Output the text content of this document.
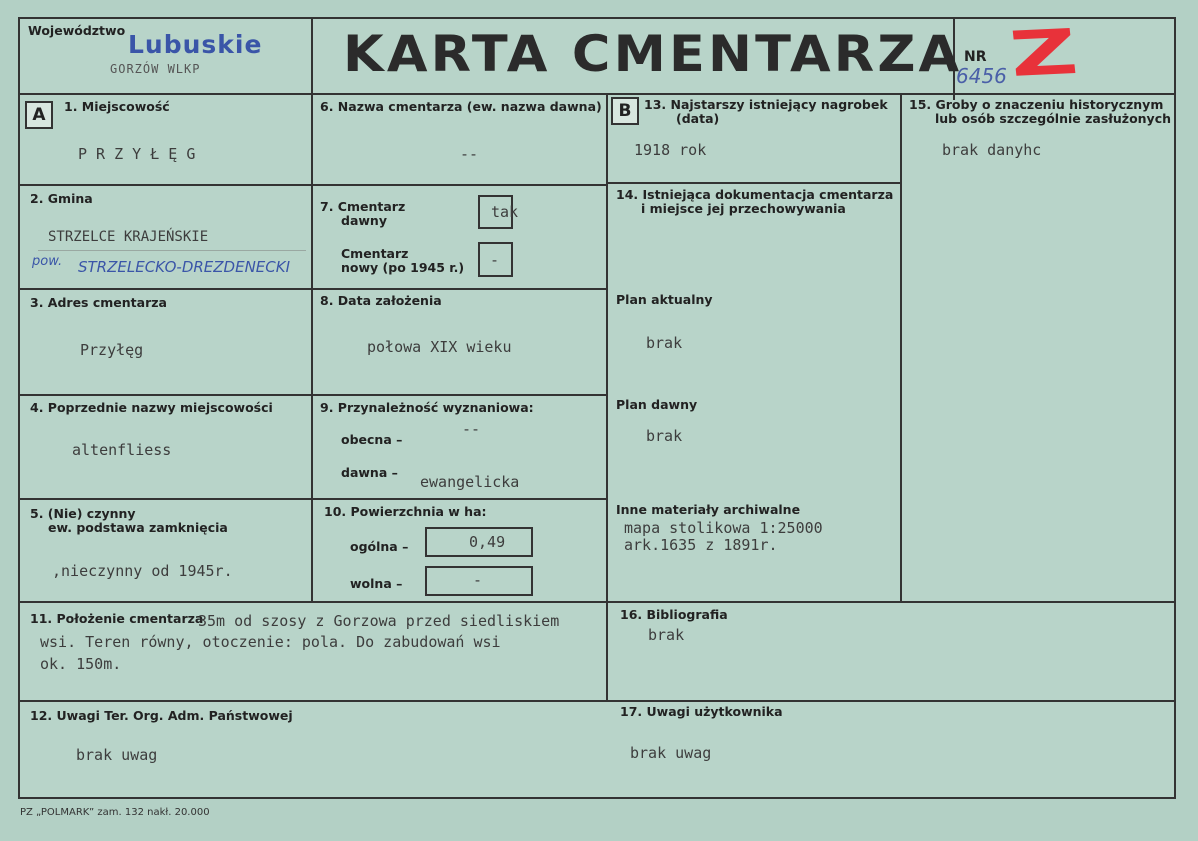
Województwo Lubuskie
GORZÓW WLKP	KARTA CMENTARZA NR
6456 Z
A	B
1. Miejscowość
P R Z Y Ł Ę G
2. Gmina
STRZELCE KRAJEŃSKIE
pow. STRZELECKO-DREZDENECKI
3. Adres cmentarza
Przyłęg
4. Poprzednie nazwy miejscowości
altenfliess
5. (Nie) czynny
ew. podstawa zamknięcia
,nieczynny od 1945r.
6. Nazwa cmentarza (ew. nazwa dawna)
--
7. Cmentarz
dawny	tak
Cmentarz
nowy (po 1945 r.) -
8. Data założenia
połowa XIX wieku
9. Przynależność wyznaniowa:
obecna –
--
dawna –
ewangelicka
10. Powierzchnia w ha:
ogólna –	0,49
wolna –	-
13. Najstarszy istniejący nagrobek
(data)
1918 rok
14. Istniejąca dokumentacja cmentarza
i miejsce jej przechowywania
Plan aktualny
brak
Plan dawny
brak
Inne materiały archiwalne
mapa stolikowa 1:25000
ark.1635 z 1891r.
15. Groby o znaczeniu historycznym
lub osób szczególnie zasłużonych
brak danyhc
11. Położenie cmentarza
35m od szosy z Gorzowa przed siedliskiem
wsi. Teren równy, otoczenie: pola. Do zabudowań wsi
ok. 150m.
16. Bibliografia
brak
12. Uwagi Ter. Org. Adm. Państwowej
brak uwag
17. Uwagi użytkownika
brak uwag
PZ „POLMARK” zam. 132 nakł. 20.000
